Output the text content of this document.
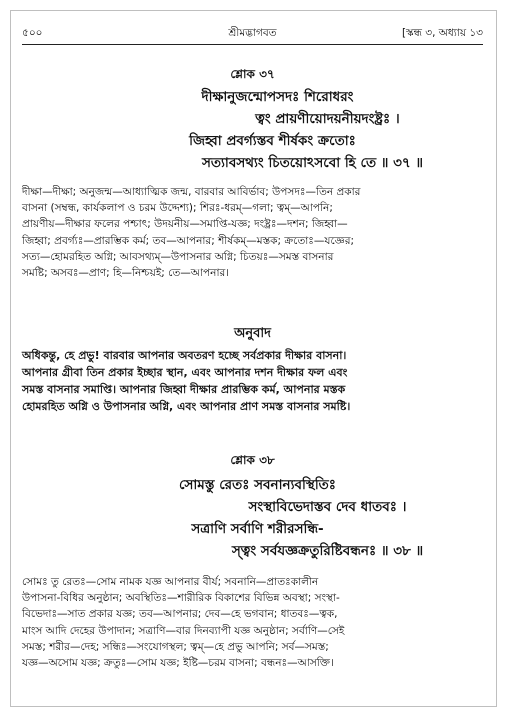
৫০০	শ্রীমদ্ভাগবত	[স্কন্ধ ৩, অধ্যায় ১৩
শ্লোক ৩৭
দীক্ষানুজন্মোপসদঃ শিরোধরং
ত্বং প্রায়ণীয়োদয়নীয়দংষ্ট্রঃ ।
জিহ্বা প্রবর্গ্যস্তব শীর্ষকং ক্রতোঃ
সত্যাবসথ্যং চিতয়োঽসবো হি তে ॥ ৩৭ ॥
দীক্ষা—দীক্ষা; অনুজন্ম—আধ্যাত্মিক জন্ম, বারবার আবির্ভাব; উপসদঃ—তিন প্রকার
বাসনা (সম্বন্ধ, কার্যকলাপ ও চরম উদ্দেশ্য); শিরঃ-ধরম্—গলা; ত্বম্—আপনি;
প্রায়ণীয়—দীক্ষার ফলের পশ্চাৎ; উদয়নীয়—সমাপ্তি-যজ্ঞ; দংষ্ট্রঃ—দশন; জিহ্বা—
জিহ্বা; প্রবর্গ্যঃ—প্রারম্ভিক কর্ম; তব—আপনার; শীর্ষকম্—মস্তক; ক্রতোঃ—যজ্ঞের;
সত্য—হোমরহিত অগ্নি; আবসথ্যম্—উপাসনার অগ্নি; চিতয়ঃ—সমস্ত বাসনার
সমষ্টি; অসবঃ—প্রাণ; হি—নিশ্চয়ই; তে—আপনার।
অনুবাদ
অধিকন্তু, হে প্রভু! বারবার আপনার অবতরণ হচ্ছে সর্বপ্রকার দীক্ষার বাসনা।
আপনার গ্রীবা তিন প্রকার ইচ্ছার স্থান, এবং আপনার দশন দীক্ষার ফল এবং
সমস্ত বাসনার সমাপ্তি। আপনার জিহ্বা দীক্ষার প্রারম্ভিক কর্ম, আপনার মস্তক
হোমরহিত অগ্নি ও উপাসনার অগ্নি, এবং আপনার প্রাণ সমস্ত বাসনার সমষ্টি।
শ্লোক ৩৮
সোমস্তু রেতঃ সবনান্যবস্থিতিঃ
সংস্থাবিভেদাস্তব দেব ধাতবঃ ।
সত্রাণি সর্বাণি শরীরসন্ধি-
স্ত্বং সর্বযজ্ঞক্রতুরিষ্টিবন্ধনঃ ॥ ৩৮ ॥
সোমঃ তু রেতঃ—সোম নামক যজ্ঞ আপনার বীর্য; সবনানি—প্রাতঃকালীন
উপাসনা-বিধির অনুষ্ঠান; অবস্থিতিঃ—শারীরিক বিকাশের বিভিন্ন অবস্থা; সংস্থা-
বিভেদাঃ—সাত প্রকার যজ্ঞ; তব—আপনার; দেব—হে ভগবান; ধাতবঃ—ত্বক,
মাংস আদি দেহের উপাদান; সত্রাণি—বার দিনব্যাপী যজ্ঞ অনুষ্ঠান; সর্বাণি—সেই
সমস্ত; শরীর—দেহ; সন্ধিঃ—সংযোগস্থল; ত্বম্—হে প্রভু আপনি; সর্ব—সমস্ত;
যজ্ঞ—অসোম যজ্ঞ; ক্রতুঃ—সোম যজ্ঞ; ইষ্টি—চরম বাসনা; বন্ধনঃ—আসক্তি।
